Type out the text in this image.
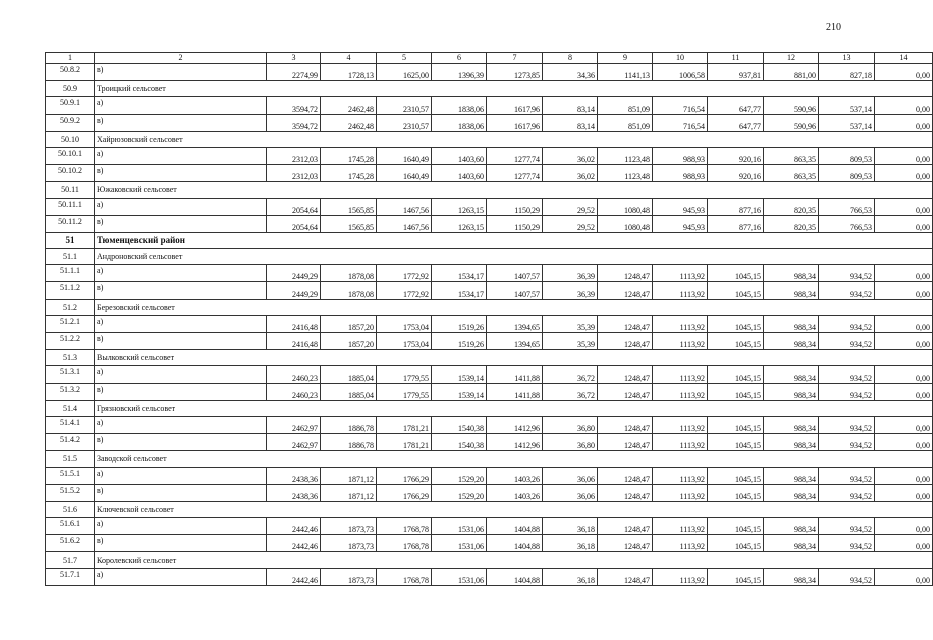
210
1	2	3	4	5	6	7	8	9	10	11	12	13	14
50.8.2	в)	2274,99	1728,13	1625,00	1396,39	1273,85	34,36	1141,13	1006,58	937,81	881,00	827,18	0,00
50.9	Троицкий сельсовет												
50.9.1	а)	3594,72	2462,48	2310,57	1838,06	1617,96	83,14	851,09	716,54	647,77	590,96	537,14	0,00
50.9.2	в)	3594,72	2462,48	2310,57	1838,06	1617,96	83,14	851,09	716,54	647,77	590,96	537,14	0,00
50.10	Хайрюзовский сельсовет												
50.10.1	а)	2312,03	1745,28	1640,49	1403,60	1277,74	36,02	1123,48	988,93	920,16	863,35	809,53	0,00
50.10.2	в)	2312,03	1745,28	1640,49	1403,60	1277,74	36,02	1123,48	988,93	920,16	863,35	809,53	0,00
50.11	Южаковский сельсовет												
50.11.1	а)	2054,64	1565,85	1467,56	1263,15	1150,29	29,52	1080,48	945,93	877,16	820,35	766,53	0,00
50.11.2	в)	2054,64	1565,85	1467,56	1263,15	1150,29	29,52	1080,48	945,93	877,16	820,35	766,53	0,00
51	Тюменцевский район												
51.1	Андроновский сельсовет												
51.1.1	а)	2449,29	1878,08	1772,92	1534,17	1407,57	36,39	1248,47	1113,92	1045,15	988,34	934,52	0,00
51.1.2	в)	2449,29	1878,08	1772,92	1534,17	1407,57	36,39	1248,47	1113,92	1045,15	988,34	934,52	0,00
51.2	Березовский сельсовет												
51.2.1	а)	2416,48	1857,20	1753,04	1519,26	1394,65	35,39	1248,47	1113,92	1045,15	988,34	934,52	0,00
51.2.2	в)	2416,48	1857,20	1753,04	1519,26	1394,65	35,39	1248,47	1113,92	1045,15	988,34	934,52	0,00
51.3	Вылковский сельсовет												
51.3.1	а)	2460,23	1885,04	1779,55	1539,14	1411,88	36,72	1248,47	1113,92	1045,15	988,34	934,52	0,00
51.3.2	в)	2460,23	1885,04	1779,55	1539,14	1411,88	36,72	1248,47	1113,92	1045,15	988,34	934,52	0,00
51.4	Грязновский сельсовет												
51.4.1	а)	2462,97	1886,78	1781,21	1540,38	1412,96	36,80	1248,47	1113,92	1045,15	988,34	934,52	0,00
51.4.2	в)	2462,97	1886,78	1781,21	1540,38	1412,96	36,80	1248,47	1113,92	1045,15	988,34	934,52	0,00
51.5	Заводской сельсовет												
51.5.1	а)	2438,36	1871,12	1766,29	1529,20	1403,26	36,06	1248,47	1113,92	1045,15	988,34	934,52	0,00
51.5.2	в)	2438,36	1871,12	1766,29	1529,20	1403,26	36,06	1248,47	1113,92	1045,15	988,34	934,52	0,00
51.6	Ключевской сельсовет												
51.6.1	а)	2442,46	1873,73	1768,78	1531,06	1404,88	36,18	1248,47	1113,92	1045,15	988,34	934,52	0,00
51.6.2	в)	2442,46	1873,73	1768,78	1531,06	1404,88	36,18	1248,47	1113,92	1045,15	988,34	934,52	0,00
51.7	Королевский сельсовет												
51.7.1	а)	2442,46	1873,73	1768,78	1531,06	1404,88	36,18	1248,47	1113,92	1045,15	988,34	934,52	0,00
